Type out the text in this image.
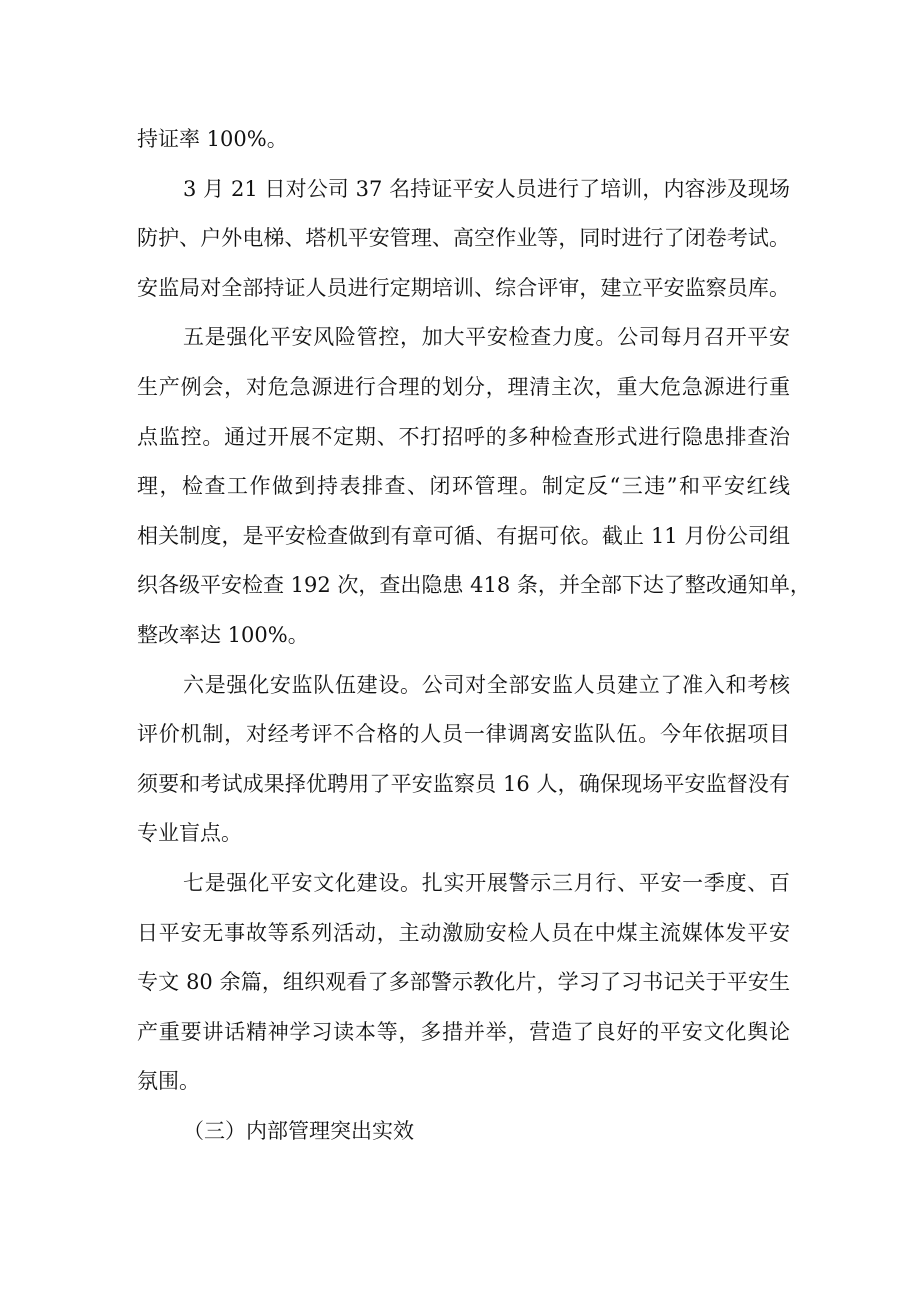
持证率 100%。
3 月 21 日对公司 37 名持证平安人员进行了培训，内容涉及现场
防护、户外电梯、塔机平安管理、高空作业等，同时进行了闭卷考试。
安监局对全部持证人员进行定期培训、综合评审，建立平安监察员库。
五是强化平安风险管控，加大平安检查力度。公司每月召开平安
生产例会，对危急源进行合理的划分，理清主次，重大危急源进行重
点监控。通过开展不定期、不打招呼的多种检查形式进行隐患排查治
理，检查工作做到持表排查、闭环管理。制定反“三违”和平安红线
相关制度，是平安检查做到有章可循、有据可依。截止 11 月份公司组
织各级平安检查 192 次，查出隐患 418 条，并全部下达了整改通知单，
整改率达 100%。
六是强化安监队伍建设。公司对全部安监人员建立了准入和考核
评价机制，对经考评不合格的人员一律调离安监队伍。今年依据项目
须要和考试成果择优聘用了平安监察员 16 人，确保现场平安监督没有
专业盲点。
七是强化平安文化建设。扎实开展警示三月行、平安一季度、百
日平安无事故等系列活动，主动激励安检人员在中煤主流媒体发平安
专文 80 余篇，组织观看了多部警示教化片，学习了习书记关于平安生
产重要讲话精神学习读本等，多措并举，营造了良好的平安文化舆论
氛围。
（三）内部管理突出实效
